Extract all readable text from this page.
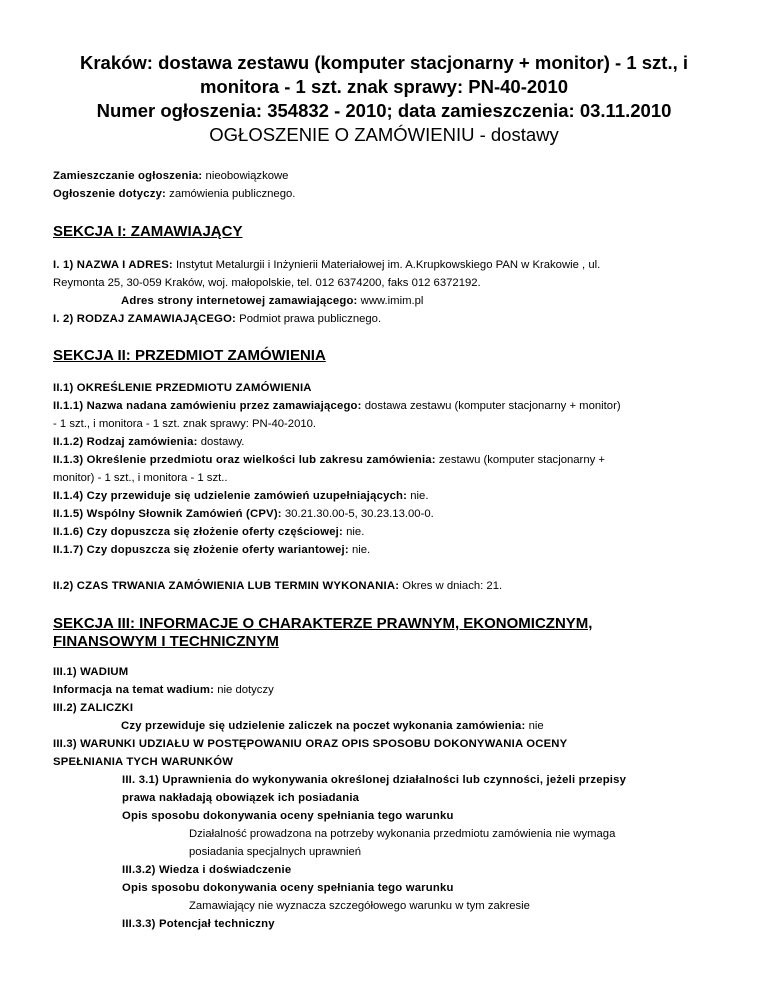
Kraków: dostawa zestawu (komputer stacjonarny + monitor) - 1 szt., i

monitora - 1 szt. znak sprawy: PN-40-2010

Numer ogłoszenia: 354832 - 2010; data zamieszczenia: 03.11.2010

OGŁOSZENIE O ZAMÓWIENIU - dostawy

Zamieszczanie ogłoszenia: nieobowiązkowe

Ogłoszenie dotyczy: zamówienia publicznego.

SEKCJA I: ZAMAWIAJĄCY

I. 1) NAZWA I ADRES: Instytut Metalurgii i Inżynierii Materiałowej im. A.Krupkowskiego PAN w Krakowie , ul.

Reymonta 25, 30-059 Kraków, woj. małopolskie, tel. 012 6374200, faks 012 6372192.

Adres strony internetowej zamawiającego: www.imim.pl

I. 2) RODZAJ ZAMAWIAJĄCEGO: Podmiot prawa publicznego.

SEKCJA II: PRZEDMIOT ZAMÓWIENIA

II.1) OKREŚLENIE PRZEDMIOTU ZAMÓWIENIA

II.1.1) Nazwa nadana zamówieniu przez zamawiającego: dostawa zestawu (komputer stacjonarny + monitor)

- 1 szt., i monitora - 1 szt. znak sprawy: PN-40-2010.

II.1.2) Rodzaj zamówienia: dostawy.

II.1.3) Określenie przedmiotu oraz wielkości lub zakresu zamówienia: zestawu (komputer stacjonarny +

monitor) - 1 szt., i monitora - 1 szt..

II.1.4) Czy przewiduje się udzielenie zamówień uzupełniających: nie.

II.1.5) Wspólny Słownik Zamówień (CPV): 30.21.30.00-5, 30.23.13.00-0.

II.1.6) Czy dopuszcza się złożenie oferty częściowej: nie.

II.1.7) Czy dopuszcza się złożenie oferty wariantowej: nie.

II.2) CZAS TRWANIA ZAMÓWIENIA LUB TERMIN WYKONANIA: Okres w dniach: 21.

SEKCJA III: INFORMACJE O CHARAKTERZE PRAWNYM, EKONOMICZNYM,

FINANSOWYM I TECHNICZNYM

III.1) WADIUM

Informacja na temat wadium: nie dotyczy

III.2) ZALICZKI

Czy przewiduje się udzielenie zaliczek na poczet wykonania zamówienia: nie

III.3) WARUNKI UDZIAŁU W POSTĘPOWANIU ORAZ OPIS SPOSOBU DOKONYWANIA OCENY

SPEŁNIANIA TYCH WARUNKÓW

III. 3.1) Uprawnienia do wykonywania określonej działalności lub czynności, jeżeli przepisy

prawa nakładają obowiązek ich posiadania

Opis sposobu dokonywania oceny spełniania tego warunku

Działalność prowadzona na potrzeby wykonania przedmiotu zamówienia nie wymaga

posiadania specjalnych uprawnień

III.3.2) Wiedza i doświadczenie

Opis sposobu dokonywania oceny spełniania tego warunku

Zamawiający nie wyznacza szczegółowego warunku w tym zakresie

III.3.3) Potencjał techniczny
